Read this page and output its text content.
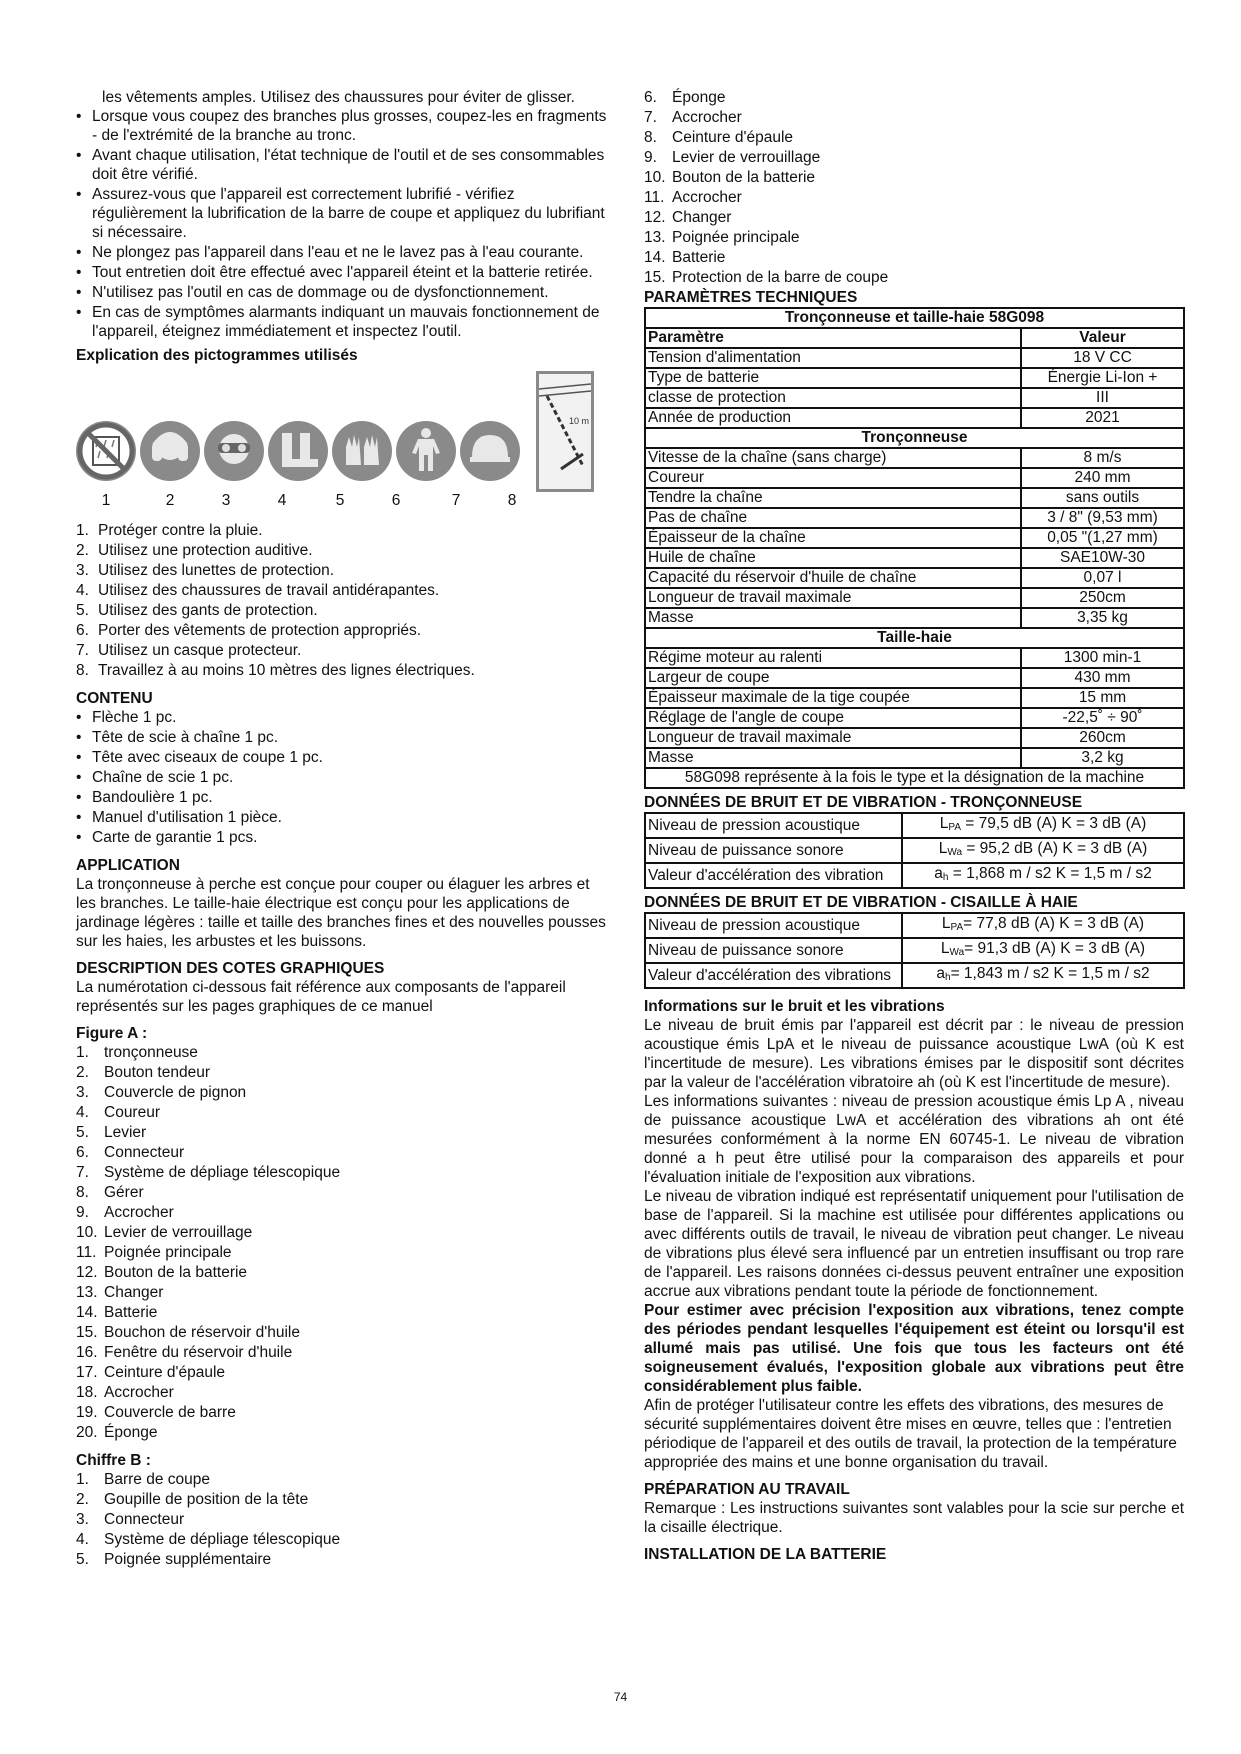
les vêtements amples. Utilisez des chaussures pour éviter de glisser.

• Lorsque vous coupez des branches plus grosses, coupez-les en fragments - de l'extrémité de la branche au tronc.
• Avant chaque utilisation, l'état technique de l'outil et de ses consommables doit être vérifié.
• Assurez-vous que l'appareil est correctement lubrifié - vérifiez régulièrement la lubrification de la barre de coupe et appliquez du lubrifiant si nécessaire.
• Ne plongez pas l'appareil dans l'eau et ne le lavez pas à l'eau courante.
• Tout entretien doit être effectué avec l'appareil éteint et la batterie retirée.
• N'utilisez pas l'outil en cas de dommage ou de dysfonctionnement.
• En cas de symptômes alarmants indiquant un mauvais fonctionnement de l'appareil, éteignez immédiatement et inspectez l'outil.
Explication des pictogrammes utilisés
10 m
1	2	3	4	5	6	7	8
1. Protéger contre la pluie.
2. Utilisez une protection auditive.
3. Utilisez des lunettes de protection.
4. Utilisez des chaussures de travail antidérapantes.
5. Utilisez des gants de protection.
6. Porter des vêtements de protection appropriés.
7. Utilisez un casque protecteur.
8. Travaillez à au moins 10 mètres des lignes électriques.
CONTENU
• Flèche 1 pc.
• Tête de scie à chaîne 1 pc.
• Tête avec ciseaux de coupe 1 pc.
• Chaîne de scie 1 pc.
• Bandoulière 1 pc.
• Manuel d'utilisation 1 pièce.
• Carte de garantie 1 pcs.
APPLICATION

La tronçonneuse à perche est conçue pour couper ou élaguer les arbres et les branches. Le taille-haie électrique est conçu pour les applications de jardinage légères : taille et taille des branches fines et des nouvelles pousses sur les haies, les arbustes et les buissons.

DESCRIPTION DES COTES GRAPHIQUES

La numérotation ci-dessous fait référence aux composants de l'appareil représentés sur les pages graphiques de ce manuel

Figure A :
1. tronçonneuse
2. Bouton tendeur
3. Couvercle de pignon
4. Coureur
5. Levier
6. Connecteur
7. Système de dépliage télescopique
8. Gérer
9. Accrocher
10. Levier de verrouillage
11. Poignée principale
12. Bouton de la batterie
13. Changer
14. Batterie
15. Bouchon de réservoir d'huile
16. Fenêtre du réservoir d'huile
17. Ceinture d'épaule
18. Accrocher
19. Couvercle de barre
20. Éponge
Chiffre B :
1. Barre de coupe
2. Goupille de position de la tête
3. Connecteur
4. Système de dépliage télescopique
5. Poignée supplémentaire
6. Éponge
7. Accrocher
8. Ceinture d'épaule
9. Levier de verrouillage
10. Bouton de la batterie
11. Accrocher
12. Changer
13. Poignée principale
14. Batterie
15. Protection de la barre de coupe
PARAMÈTRES TECHNIQUES
Tronçonneuse et taille-haie 58G098	
Paramètre	Valeur
Tension d'alimentation	18 V CC
Type de batterie	Énergie Li-Ion +
classe de protection	III
Année de production	2021
Tronçonneuse	
Vitesse de la chaîne (sans charge)	8 m/s
Coureur	240 mm
Tendre la chaîne	sans outils
Pas de chaîne	3 / 8" (9,53 mm)
Épaisseur de la chaîne	0,05 "(1,27 mm)
Huile de chaîne	SAE10W-30
Capacité du réservoir d'huile de chaîne	0,07 l
Longueur de travail maximale	250cm
Masse	3,35 kg
Taille-haie	
Régime moteur au ralenti	1300 min-1
Largeur de coupe	430 mm
Épaisseur maximale de la tige coupée	15 mm
Réglage de l'angle de coupe	-22,5˚ ÷ 90˚
Longueur de travail maximale	260cm
Masse	3,2 kg
58G098 représente à la fois le type et la désignation de la machine	
DONNÉES DE BRUIT ET DE VIBRATION - TRONÇONNEUSE
Niveau de pression acoustique	$L_{PA} = 79,5$ dB (A) K = 3 dB (A)
Niveau de puissance sonore	$L_{Wa} = 95,2$ dB (A) K = 3 dB (A)
Valeur d'accélération des vibration	$a_h = 1,868$ m / s2 K = 1,5 m / s2
DONNÉES DE BRUIT ET DE VIBRATION - CISAILLE À HAIE
Niveau de pression acoustique	$L_{PA}= 77,8$ dB (A) K = 3 dB (A)
Niveau de puissance sonore	$L_{Wa}= 91,3$ dB (A) K = 3 dB (A)
Valeur d'accélération des vibrations	$a_h= 1,843$ m / s2 K = 1,5 m / s2
Informations sur le bruit et les vibrations

Le niveau de bruit émis par l'appareil est décrit par : le niveau de pression acoustique émis LpA et le niveau de puissance acoustique LwA (où K est l'incertitude de mesure). Les vibrations émises par le dispositif sont décrites par la valeur de l'accélération vibratoire ah (où K est l'incertitude de mesure).

Les informations suivantes : niveau de pression acoustique émis Lp A , niveau de puissance acoustique LwA et accélération des vibrations ah ont été mesurées conformément à la norme EN 60745-1. Le niveau de vibration donné a h peut être utilisé pour la comparaison des appareils et pour l'évaluation initiale de l'exposition aux vibrations.

Le niveau de vibration indiqué est représentatif uniquement pour l'utilisation de base de l'appareil. Si la machine est utilisée pour différentes applications ou avec différents outils de travail, le niveau de vibration peut changer. Le niveau de vibrations plus élevé sera influencé par un entretien insuffisant ou trop rare de l'appareil. Les raisons données ci-dessus peuvent entraîner une exposition accrue aux vibrations pendant toute la période de fonctionnement.

Pour estimer avec précision l'exposition aux vibrations, tenez compte des périodes pendant lesquelles l'équipement est éteint ou lorsqu'il est allumé mais pas utilisé. Une fois que tous les facteurs ont été soigneusement évalués, l'exposition globale aux vibrations peut être considérablement plus faible.

Afin de protéger l'utilisateur contre les effets des vibrations, des mesures de sécurité supplémentaires doivent être mises en œuvre, telles que : l'entretien périodique de l'appareil et des outils de travail, la protection de la température appropriée des mains et une bonne organisation du travail.

PRÉPARATION AU TRAVAIL

Remarque : Les instructions suivantes sont valables pour la scie sur perche et la cisaille électrique.

INSTALLATION DE LA BATTERIE
74
